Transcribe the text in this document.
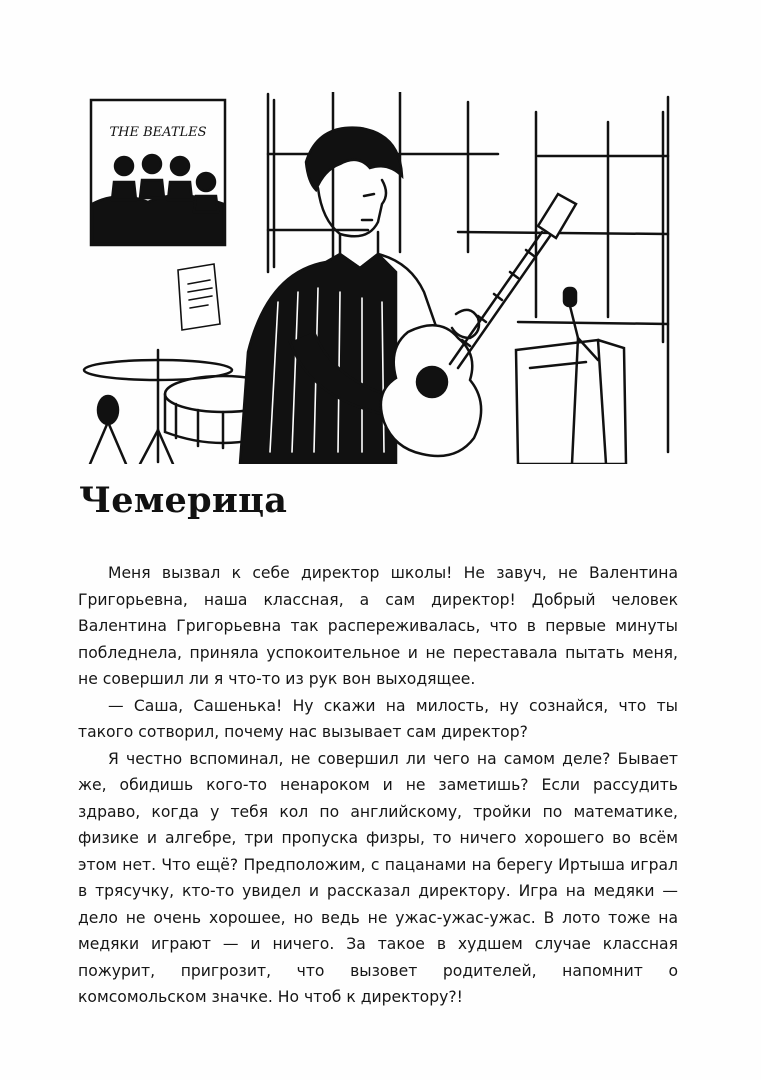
THE BEATLES
Чемерица

Меня вызвал к себе директор школы! Не завуч, не Валентина Григорьевна, наша классная, а сам директор! Добрый человек Валентина Григорьевна так распереживалась, что в первые минуты побледнела, приняла успокоительное и не переставала пытать меня, не совершил ли я что-то из рук вон выходящее.

— Саша, Сашенька! Ну скажи на милость, ну сознайся, что ты такого сотворил, почему нас вызывает сам директор?

Я честно вспоминал, не совершил ли чего на самом деле? Бывает же, обидишь кого-то ненароком и не заметишь? Если рассудить здраво, когда у тебя кол по английскому, тройки по математике, физике и алгебре, три пропуска физры, то ничего хорошего во всём этом нет. Что ещё? Предположим, с пацанами на берегу Иртыша играл в трясучку, кто-то увидел и рассказал директору. Игра на медяки — дело не очень хорошее, но ведь не ужас-ужас-ужас. В лото тоже на медяки играют — и ничего. За такое в худшем случае классная пожурит, пригрозит, что вызовет родителей, напомнит о комсомольском значке. Но чтоб к директору?!
